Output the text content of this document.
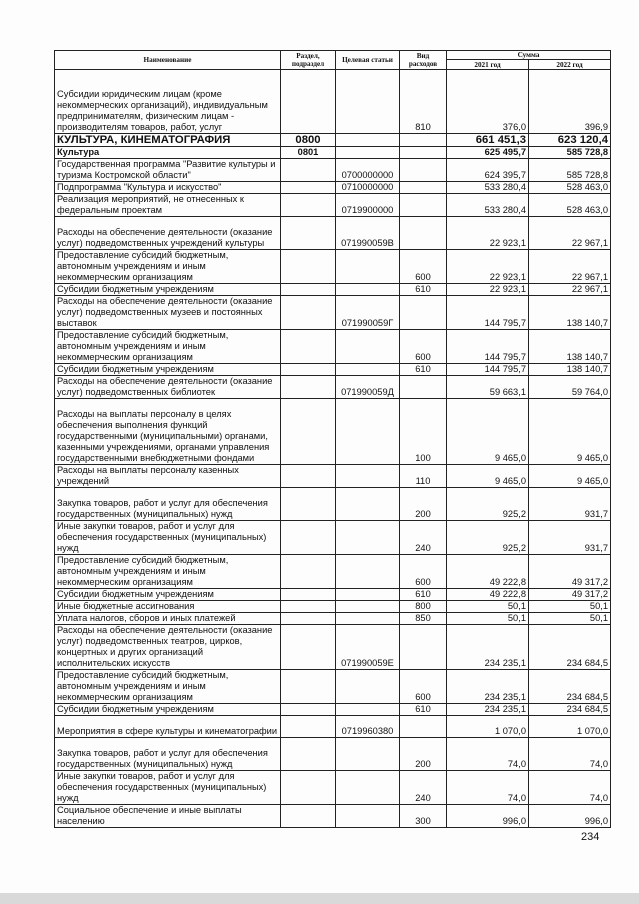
Наименование	Раздел, подраздел	Целевая статьи	Вид расходов	Сумма	
				2021 год	2022 год
Субсидии юридическим лицам (кроме некоммерческих организаций), индивидуальным предпринимателям, физическим лицам - производителям товаров, работ, услуг			810	376,0	396,9
КУЛЬТУРА, КИНЕМАТОГРАФИЯ	0800			661 451,3	623 120,4
Культура	0801			625 495,7	585 728,8
Государственная программа "Развитие культуры и туризма Костромской области"		0700000000		624 395,7	585 728,8
Подпрограмма "Культура и искусство"		0710000000		533 280,4	528 463,0
Реализация мероприятий, не отнесенных к федеральным проектам		0719900000		533 280,4	528 463,0
Расходы на обеспечение деятельности (оказание услуг) подведомственных учреждений культуры		071990059В		22 923,1	22 967,1
Предоставление субсидий бюджетным, автономным учреждениям и иным некоммерческим организациям			600	22 923,1	22 967,1
Субсидии бюджетным учреждениям			610	22 923,1	22 967,1
Расходы на обеспечение деятельности (оказание услуг) подведомственных музеев и постоянных выставок		071990059Г		144 795,7	138 140,7
Предоставление субсидий бюджетным, автономным учреждениям и иным некоммерческим организациям			600	144 795,7	138 140,7
Субсидии бюджетным учреждениям			610	144 795,7	138 140,7
Расходы на обеспечение деятельности (оказание услуг) подведомственных библиотек		071990059Д		59 663,1	59 764,0
Расходы на выплаты персоналу в целях обеспечения выполнения функций государственными (муниципальными) органами, казенными учреждениями, органами управления государственными внебюджетными фондами			100	9 465,0	9 465,0
Расходы на выплаты персоналу казенных учреждений			110	9 465,0	9 465,0
Закупка товаров, работ и услуг для обеспечения государственных (муниципальных) нужд			200	925,2	931,7
Иные закупки товаров, работ и услуг для обеспечения государственных (муниципальных) нужд			240	925,2	931,7
Предоставление субсидий бюджетным, автономным учреждениям и иным некоммерческим организациям			600	49 222,8	49 317,2
Субсидии бюджетным учреждениям			610	49 222,8	49 317,2
Иные бюджетные ассигнования			800	50,1	50,1
Уплата налогов, сборов и иных платежей			850	50,1	50,1
Расходы на обеспечение деятельности (оказание услуг) подведомственных театров, цирков, концертных и других организаций исполнительских искусств		071990059Е		234 235,1	234 684,5
Предоставление субсидий бюджетным, автономным учреждениям и иным некоммерческим организациям			600	234 235,1	234 684,5
Субсидии бюджетным учреждениям			610	234 235,1	234 684,5
Мероприятия в сфере культуры и кинематографии		0719960380		1 070,0	1 070,0
Закупка товаров, работ и услуг для обеспечения государственных (муниципальных) нужд			200	74,0	74,0
Иные закупки товаров, работ и услуг для обеспечения государственных (муниципальных) нужд			240	74,0	74,0
Социальное обеспечение и иные выплаты населению			300	996,0	996,0
234
